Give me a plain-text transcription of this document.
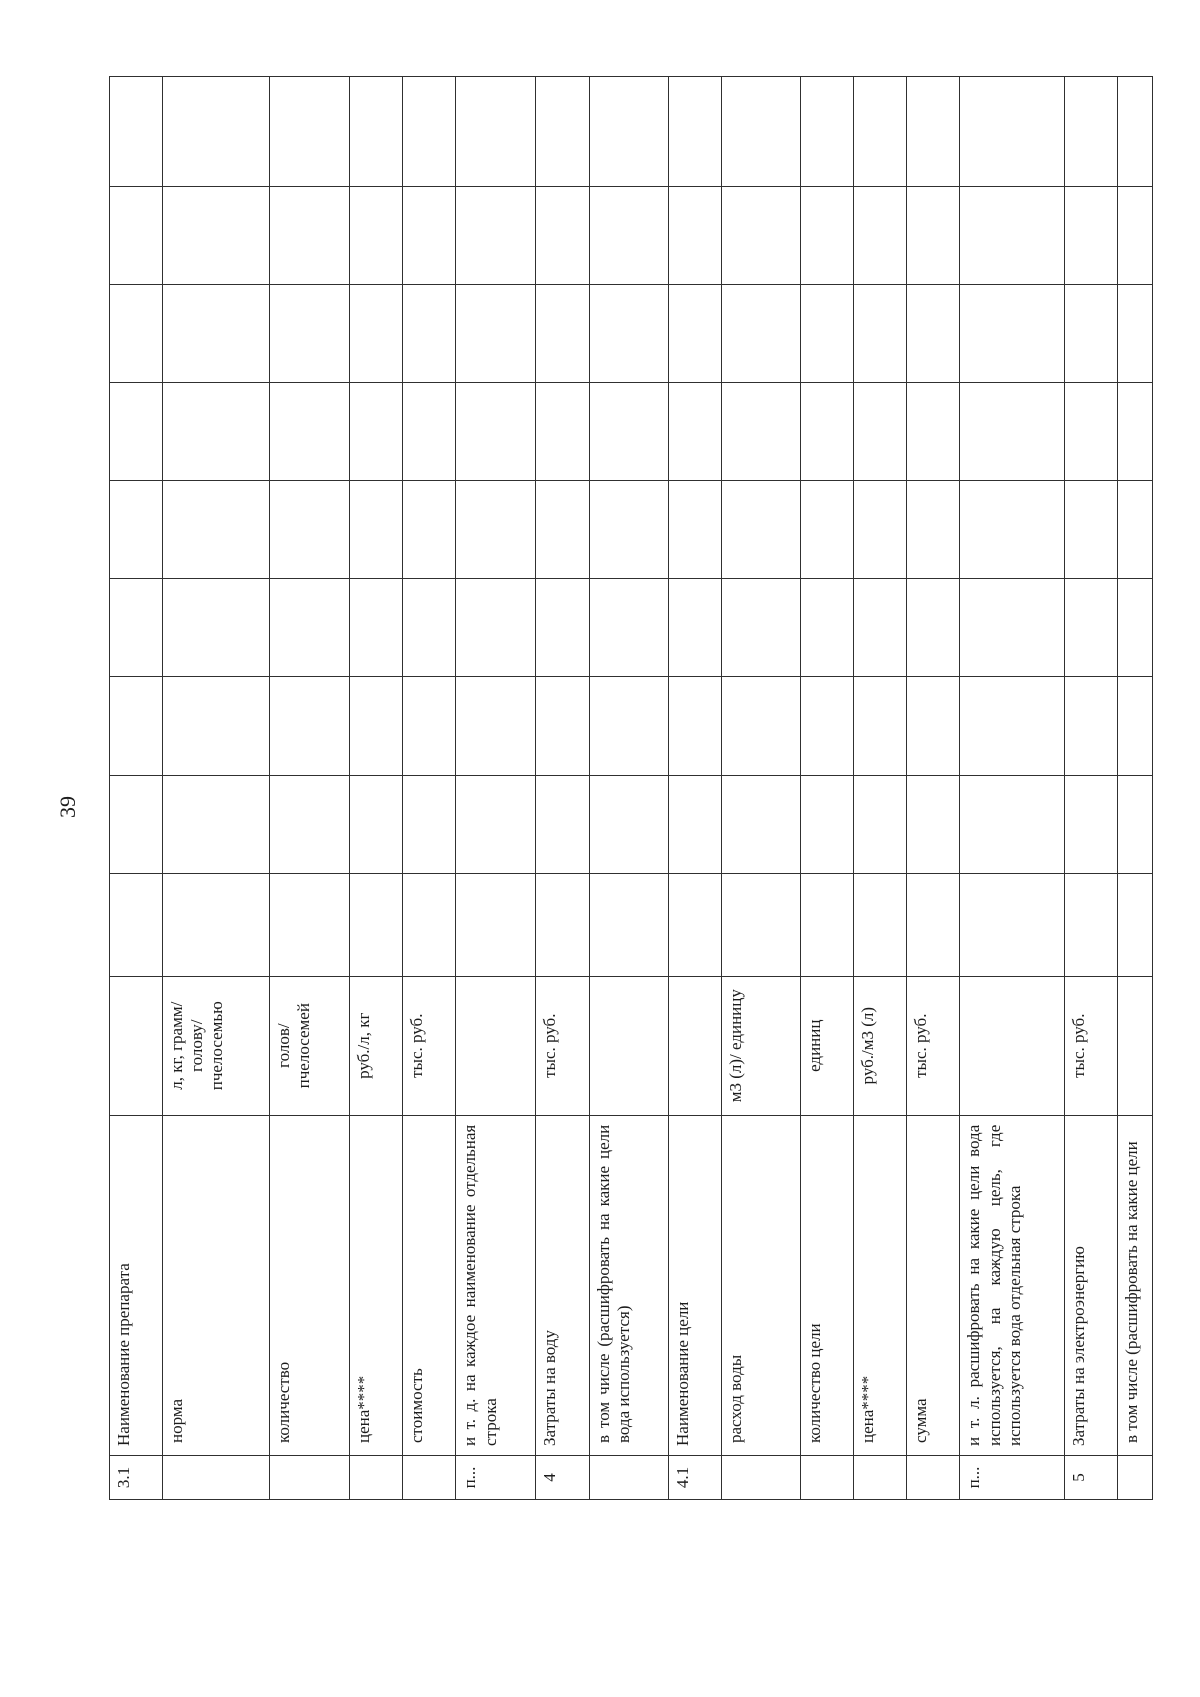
39
3.1	Наименование препарата										
	норма	л, кг, грамм/ голову/ пчелосемью									
	количество	голов/ пчелосемей									
	цена****	руб./л, кг									
	стоимость	тыс. руб.									
п...	и т. д. на каждое наименование отдельная строка										
4	Затраты на воду	тыс. руб.									
	в том числе (расшифровать на какие цели вода используется)										
4.1	Наименование цели										
	расход воды	м3 (л)/ единицу									
	количество цели	единиц									
	цена****	руб./м3 (л)									
	сумма	тыс. руб.									
п...	и т. л. расшифровать на какие цели вода используется, на каждую цель, где используется вода отдельная строка										
5	Затраты на электроэнергию	тыс. руб.									
	в том числе (расшифровать на какие цели										
